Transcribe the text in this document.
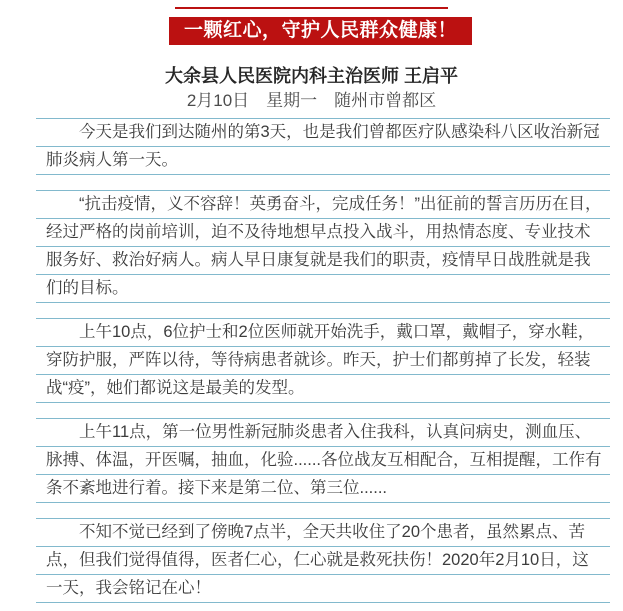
一颗红心，守护人民群众健康！
大余县人民医院内科主治医师 王启平
2月10日　星期一　随州市曾都区
今天是我们到达随州的第3天，也是我们曾都医疗队感染科八区收治新冠
肺炎病人第一天。
“抗击疫情，义不容辞！英勇奋斗，完成任务！”出征前的誓言历历在目，
经过严格的岗前培训，迫不及待地想早点投入战斗，用热情态度、专业技术
服务好、救治好病人。病人早日康复就是我们的职责，疫情早日战胜就是我
们的目标。
上午10点，6位护士和2位医师就开始洗手，戴口罩，戴帽子，穿水鞋，
穿防护服，严阵以待，等待病患者就诊。昨天，护士们都剪掉了长发，轻装
战“疫”，她们都说这是最美的发型。
上午11点，第一位男性新冠肺炎患者入住我科，认真问病史，测血压、
脉搏、体温，开医嘱，抽血，化验......各位战友互相配合，互相提醒，工作有
条不紊地进行着。接下来是第二位、第三位......
不知不觉已经到了傍晚7点半，全天共收住了20个患者，虽然累点、苦
点，但我们觉得值得，医者仁心，仁心就是救死扶伤！2020年2月10日，这
一天，我会铭记在心！
